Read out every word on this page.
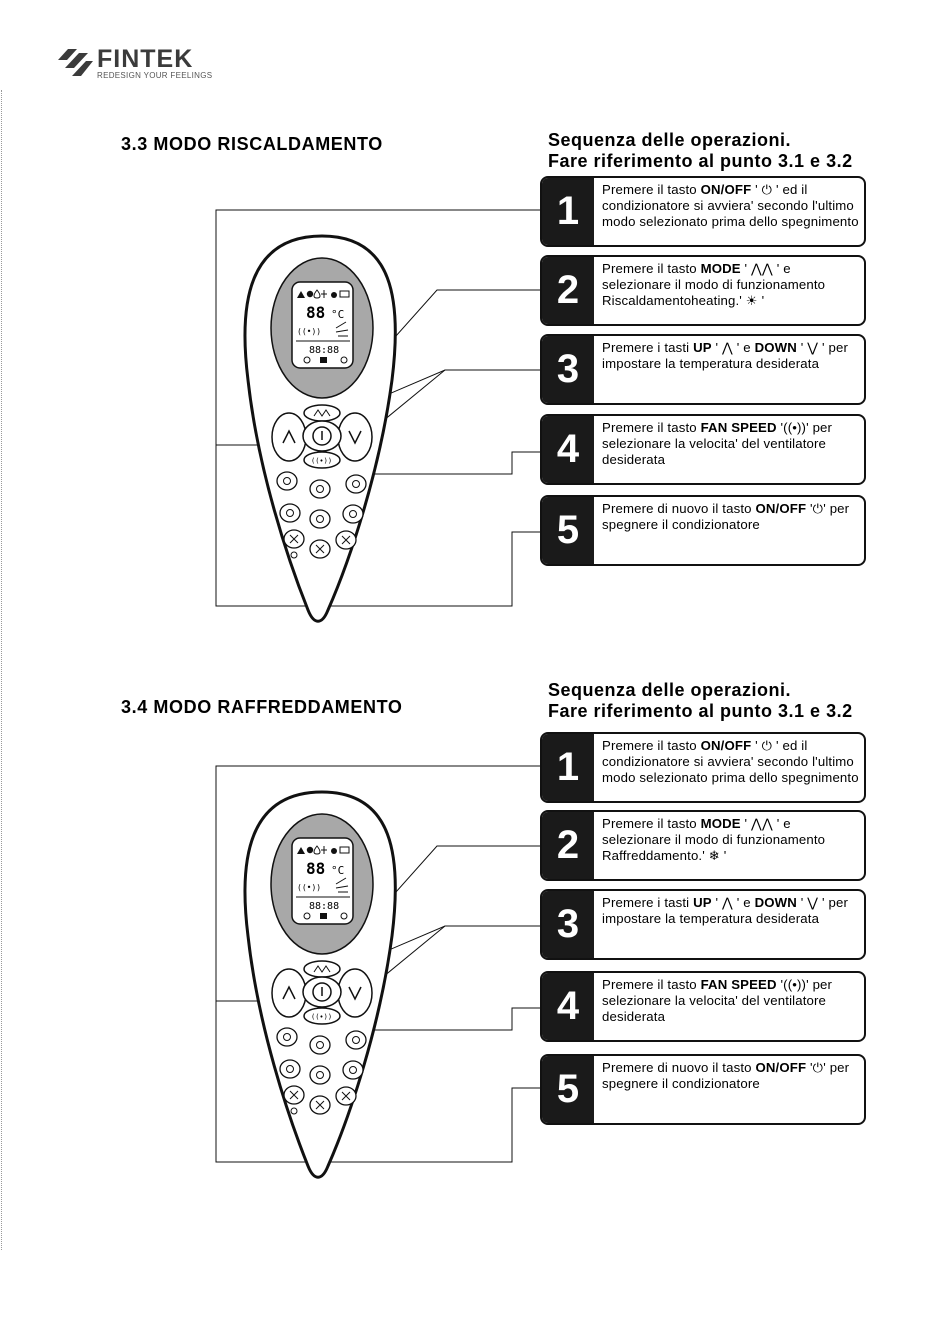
FINTEK
REDESIGN YOUR FEELINGS
3.3 MODO RISCALDAMENTO	Sequenza delle operazioni.
Fare riferimento al punto 3.1 e 3.2
88 °C
((•))
88:88
((•))
1	Premere il tasto ON/OFF ' ⏻ ' ed il condizionatore si avviera' secondo l'ultimo modo selezionato prima dello spegnimento
2	Premere il tasto MODE ' ⋀⋀ ' e selezionare il modo di funzionamento Riscaldamentoheating.' ☀ '
3	Premere i tasti UP ' ⋀ ' e DOWN ' ⋁ ' per impostare la temperatura desiderata
4	Premere il tasto FAN SPEED '((•))' per selezionare la velocita' del ventilatore desiderata
5	Premere di nuovo il tasto ON/OFF '⏻' per spegnere il condizionatore
3.4 MODO RAFFREDDAMENTO
Sequenza delle operazioni.
Fare riferimento al punto 3.1 e 3.2
88 °C
((•))
88:88
((•))
1	Premere il tasto ON/OFF ' ⏻ ' ed il condizionatore si avviera' secondo l'ultimo modo selezionato prima dello spegnimento
2	Premere il tasto MODE ' ⋀⋀ ' e selezionare il modo di funzionamento Raffreddamento.' ❄ '
3	Premere i tasti UP ' ⋀ ' e DOWN ' ⋁ ' per impostare la temperatura desiderata
4	Premere il tasto FAN SPEED '((•))' per selezionare la velocita' del ventilatore desiderata
5	Premere di nuovo il tasto ON/OFF '⏻' per spegnere il condizionatore
